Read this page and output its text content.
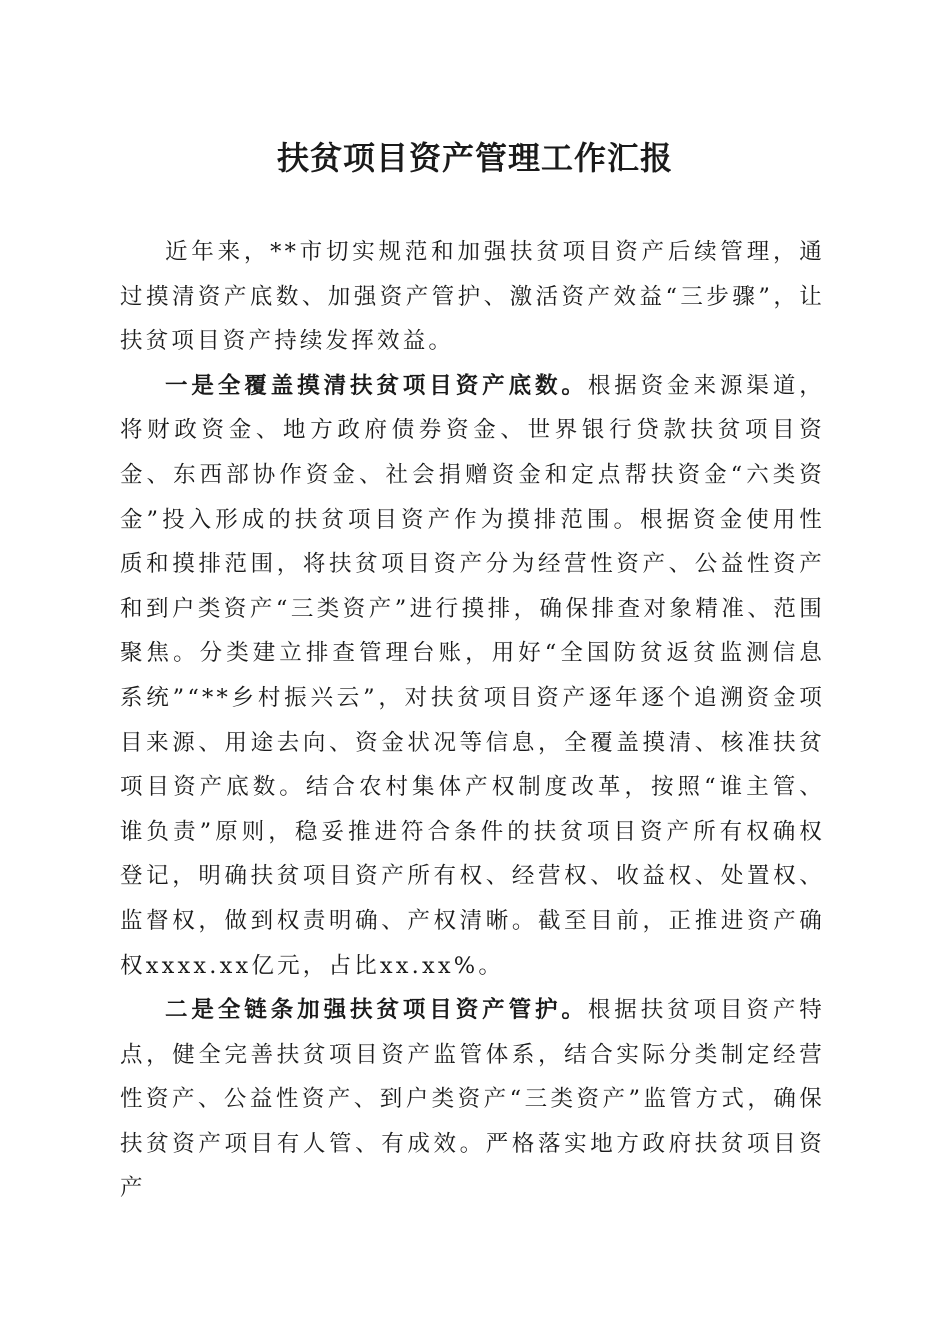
扶贫项目资产管理工作汇报

近年来，**市切实规范和加强扶贫项目资产后续管理，通过摸清资产底数、加强资产管护、激活资产效益“三步骤”，让扶贫项目资产持续发挥效益。

一是全覆盖摸清扶贫项目资产底数。根据资金来源渠道，将财政资金、地方政府债券资金、世界银行贷款扶贫项目资金、东西部协作资金、社会捐赠资金和定点帮扶资金“六类资金”投入形成的扶贫项目资产作为摸排范围。根据资金使用性质和摸排范围，将扶贫项目资产分为经营性资产、公益性资产和到户类资产“三类资产”进行摸排，确保排查对象精准、范围聚焦。分类建立排查管理台账，用好“全国防贫返贫监测信息系统”“**乡村振兴云”，对扶贫项目资产逐年逐个追溯资金项目来源、用途去向、资金状况等信息，全覆盖摸清、核准扶贫项目资产底数。结合农村集体产权制度改革，按照“谁主管、谁负责”原则，稳妥推进符合条件的扶贫项目资产所有权确权登记，明确扶贫项目资产所有权、经营权、收益权、处置权、监督权，做到权责明确、产权清晰。截至目前，正推进资产确权xxxx.xx亿元，占比xx.xx%。

二是全链条加强扶贫项目资产管护。根据扶贫项目资产特点，健全完善扶贫项目资产监管体系，结合实际分类制定经营性资产、公益性资产、到户类资产“三类资产”监管方式，确保扶贫资产项目有人管、有成效。严格落实地方政府扶贫项目资产
